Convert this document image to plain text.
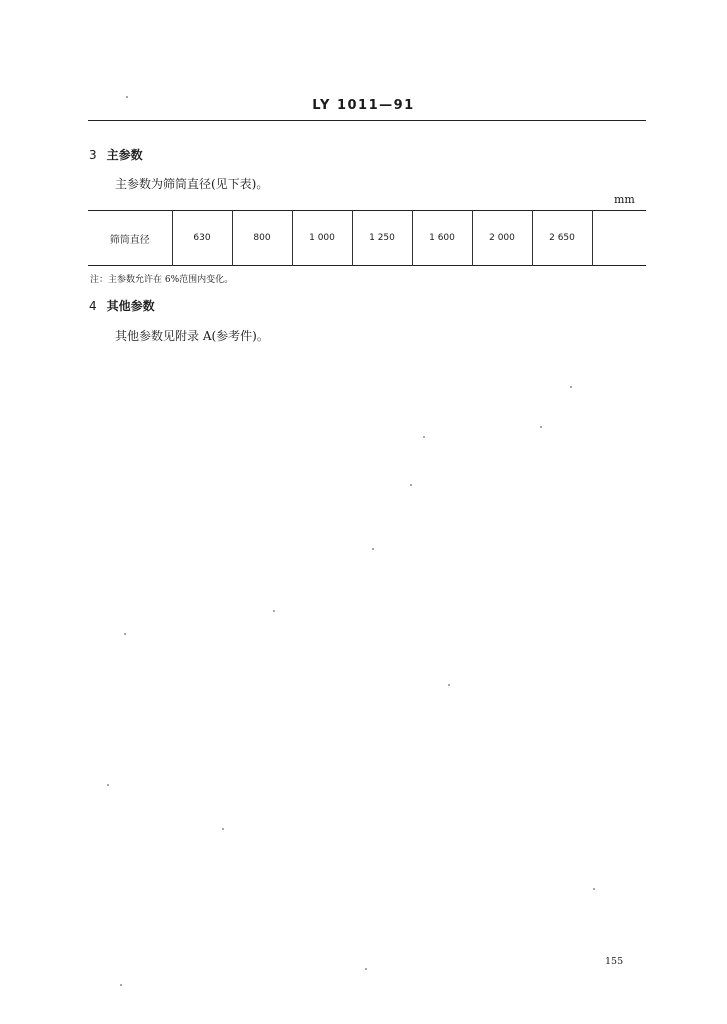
LY 1011—91
3 主参数
主参数为筛筒直径(见下表)。
mm
筛筒直径	630	800	1 000	1 250	1 600	2 000	2 650	
注：主参数允许在 6%范围内变化。
4 其他参数
其他参数见附录 A(参考件)。
155
